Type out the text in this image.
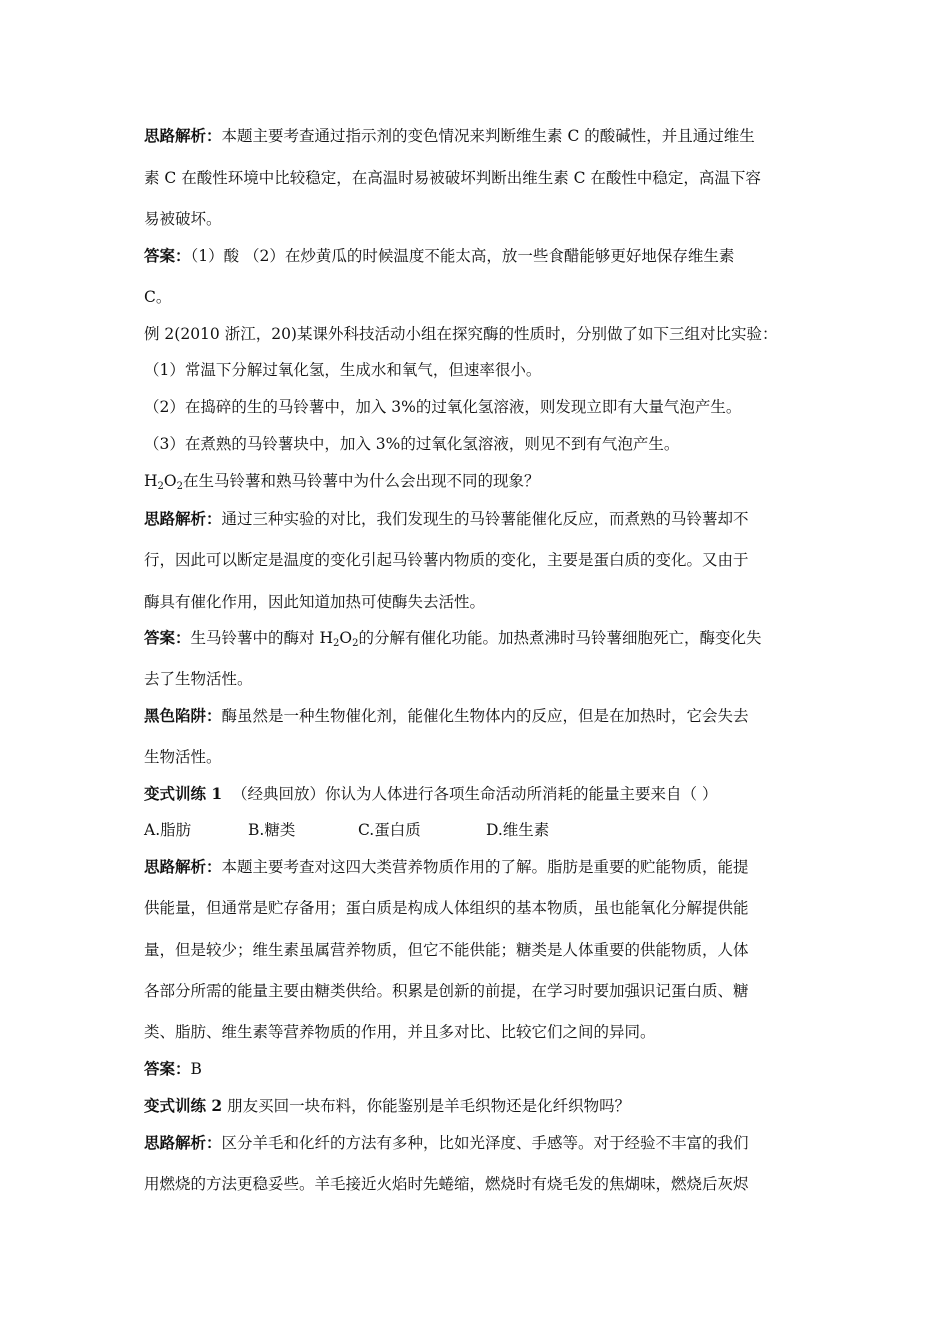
思路解析：本题主要考查通过指示剂的变色情况来判断维生素 C 的酸碱性，并且通过维生
素 C 在酸性环境中比较稳定，在高温时易被破坏判断出维生素 C 在酸性中稳定，高温下容
易被破坏。
答案：（1）酸 （2）在炒黄瓜的时候温度不能太高，放一些食醋能够更好地保存维生素
C。
例 2(2010 浙江，20)某课外科技活动小组在探究酶的性质时，分别做了如下三组对比实验：
（1）常温下分解过氧化氢，生成水和氧气，但速率很小。
（2）在捣碎的生的马铃薯中，加入 3%的过氧化氢溶液，则发现立即有大量气泡产生。
（3）在煮熟的马铃薯块中，加入 3%的过氧化氢溶液，则见不到有气泡产生。
$H_2O_2$在生马铃薯和熟马铃薯中为什么会出现不同的现象？
思路解析：通过三种实验的对比，我们发现生的马铃薯能催化反应，而煮熟的马铃薯却不
行，因此可以断定是温度的变化引起马铃薯内物质的变化，主要是蛋白质的变化。又由于
酶具有催化作用，因此知道加热可使酶失去活性。
答案：生马铃薯中的酶对 $H_2O_2$的分解有催化功能。加热煮沸时马铃薯细胞死亡，酶变化失
去了生物活性。
黑色陷阱：酶虽然是一种生物催化剂，能催化生物体内的反应，但是在加热时，它会失去
生物活性。
变式训练 1 （经典回放）你认为人体进行各项生命活动所消耗的能量主要来自（ ）
A.脂肪	B.糖类	C.蛋白质	D.维生素
思路解析：本题主要考查对这四大类营养物质作用的了解。脂肪是重要的贮能物质，能提
供能量，但通常是贮存备用；蛋白质是构成人体组织的基本物质，虽也能氧化分解提供能
量，但是较少；维生素虽属营养物质，但它不能供能；糖类是人体重要的供能物质，人体
各部分所需的能量主要由糖类供给。积累是创新的前提，在学习时要加强识记蛋白质、糖
类、脂肪、维生素等营养物质的作用，并且多对比、比较它们之间的异同。
答案：B
变式训练 2 朋友买回一块布料，你能鉴别是羊毛织物还是化纤织物吗？
思路解析：区分羊毛和化纤的方法有多种，比如光泽度、手感等。对于经验不丰富的我们
用燃烧的方法更稳妥些。羊毛接近火焰时先蜷缩，燃烧时有烧毛发的焦煳味，燃烧后灰烬
